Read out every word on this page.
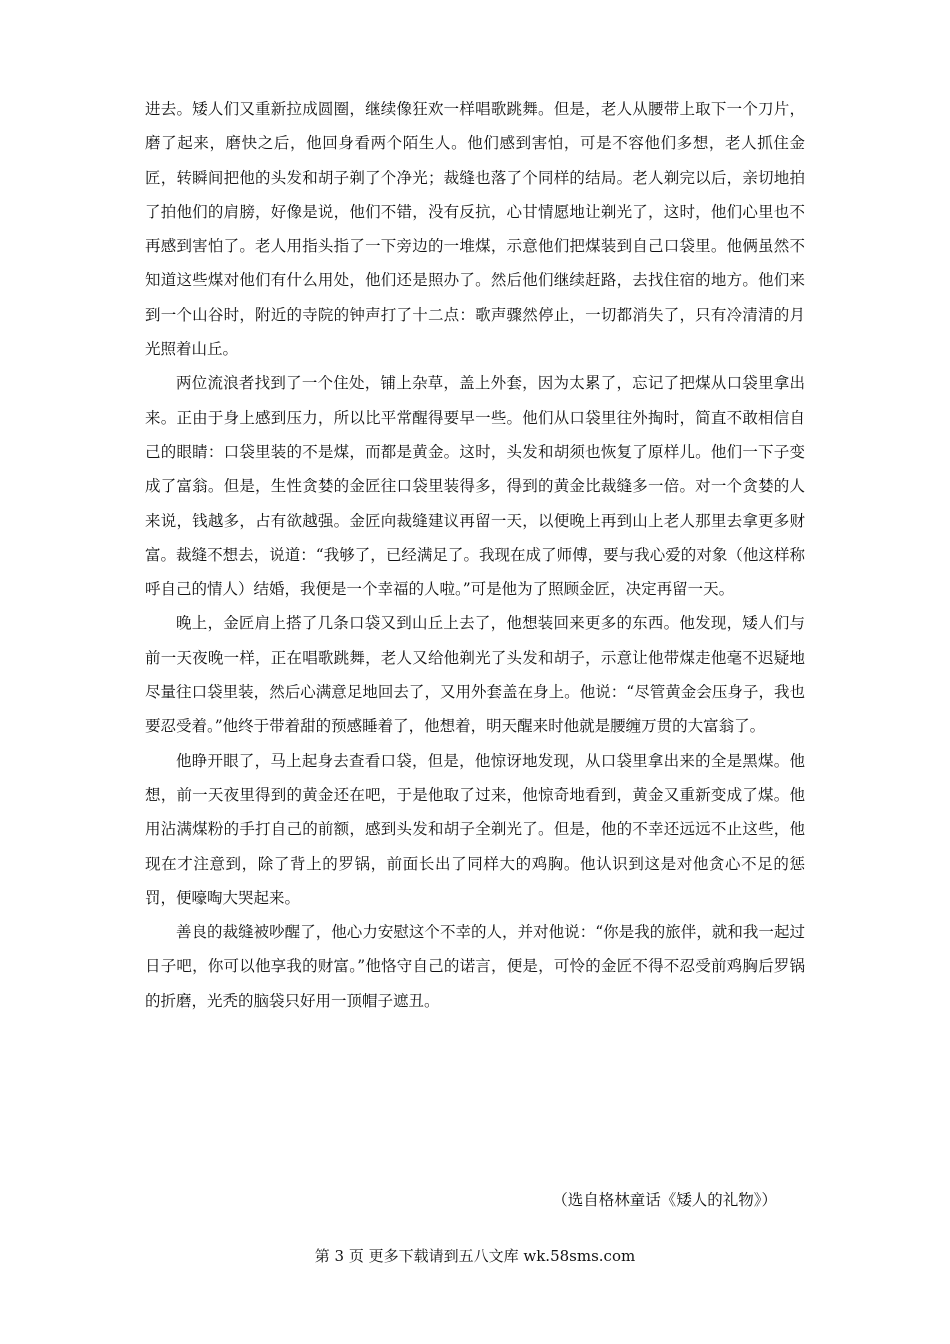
进去。矮人们又重新拉成圆圈，继续像狂欢一样唱歌跳舞。但是，老人从腰带上取下一个刀片，磨了起来，磨快之后，他回身看两个陌生人。他们感到害怕，可是不容他们多想，老人抓住金匠，转瞬间把他的头发和胡子剃了个净光；裁缝也落了个同样的结局。老人剃完以后，亲切地拍了拍他们的肩膀，好像是说，他们不错，没有反抗，心甘情愿地让剃光了，这时，他们心里也不再感到害怕了。老人用指头指了一下旁边的一堆煤，示意他们把煤装到自己口袋里。他俩虽然不知道这些煤对他们有什么用处，他们还是照办了。然后他们继续赶路，去找住宿的地方。他们来到一个山谷时，附近的寺院的钟声打了十二点：歌声骤然停止，一切都消失了，只有冷清清的月光照着山丘。

两位流浪者找到了一个住处，铺上杂草，盖上外套，因为太累了，忘记了把煤从口袋里拿出来。正由于身上感到压力，所以比平常醒得要早一些。他们从口袋里往外掏时，简直不敢相信自己的眼睛：口袋里装的不是煤，而都是黄金。这时，头发和胡须也恢复了原样儿。他们一下子变成了富翁。但是，生性贪婪的金匠往口袋里装得多，得到的黄金比裁缝多一倍。对一个贪婪的人来说，钱越多，占有欲越强。金匠向裁缝建议再留一天，以便晚上再到山上老人那里去拿更多财富。裁缝不想去，说道：“我够了，已经满足了。我现在成了师傅，要与我心爱的对象（他这样称呼自己的情人）结婚，我便是一个幸福的人啦。”可是他为了照顾金匠，决定再留一天。

晚上，金匠肩上搭了几条口袋又到山丘上去了，他想装回来更多的东西。他发现，矮人们与前一天夜晚一样，正在唱歌跳舞，老人又给他剃光了头发和胡子，示意让他带煤走他毫不迟疑地尽量往口袋里装，然后心满意足地回去了，又用外套盖在身上。他说：“尽管黄金会压身子，我也要忍受着。”他终于带着甜的预感睡着了，他想着，明天醒来时他就是腰缠万贯的大富翁了。

他睁开眼了，马上起身去查看口袋，但是，他惊讶地发现，从口袋里拿出来的全是黑煤。他想，前一天夜里得到的黄金还在吧，于是他取了过来，他惊奇地看到，黄金又重新变成了煤。他用沾满煤粉的手打自己的前额，感到头发和胡子全剃光了。但是，他的不幸还远远不止这些，他现在才注意到，除了背上的罗锅，前面长出了同样大的鸡胸。他认识到这是对他贪心不足的惩罚，便嚎啕大哭起来。

善良的裁缝被吵醒了，他心力安慰这个不幸的人，并对他说：“你是我的旅伴，就和我一起过日子吧，你可以他享我的财富。”他恪守自己的诺言，便是，可怜的金匠不得不忍受前鸡胸后罗锅的折磨，光秃的脑袋只好用一顶帽子遮丑。

（选自格林童话《矮人的礼物》）
第 3 页 更多下载请到五八文库 wk.58sms.com
